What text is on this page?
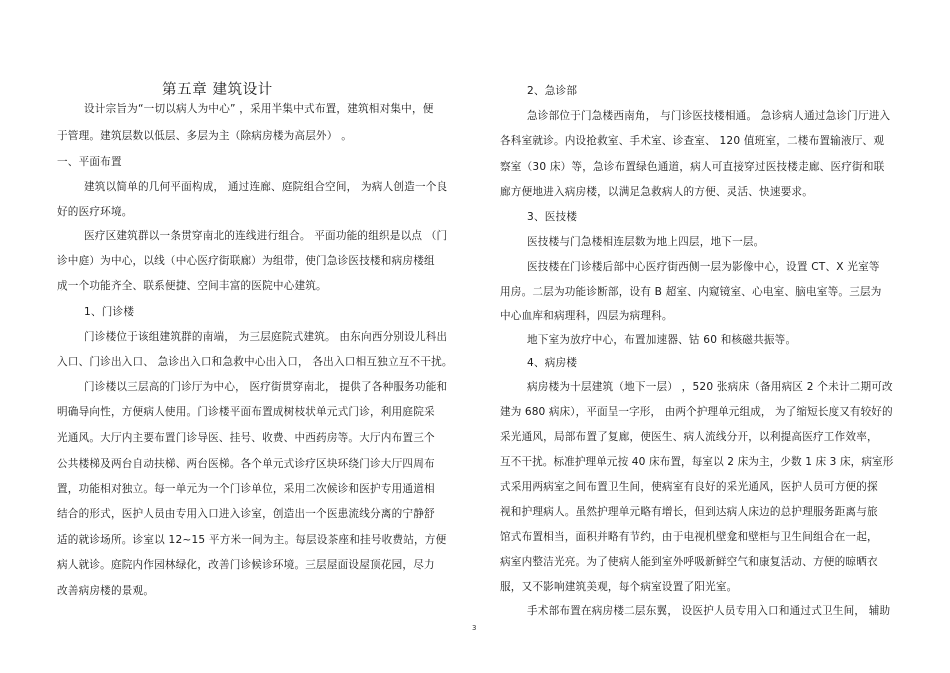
第五章 建筑设计
设计宗旨为“一切以病人为中心” ，采用半集中式布置，建筑相对集中，便
于管理。建筑层数以低层、多层为主（除病房楼为高层外） 。
一、平面布置
建筑以简单的几何平面构成， 通过连廊、庭院组合空间， 为病人创造一个良
好的医疗环境。
医疗区建筑群以一条贯穿南北的连线进行组合。 平面功能的组织是以点 （门
诊中庭）为中心，以线（中心医疗街联廊）为组带，使门急诊医技楼和病房楼组
成一个功能齐全、联系便捷、空间丰富的医院中心建筑。
1、门诊楼
门诊楼位于该组建筑群的南端， 为三层庭院式建筑。 由东向西分别设儿科出
入口、门诊出入口、 急诊出入口和急救中心出入口， 各出入口相互独立互不干扰。
门诊楼以三层高的门诊厅为中心， 医疗街贯穿南北， 提供了各种服务功能和
明确导向性，方便病人使用。门诊楼平面布置成树枝状单元式门诊，利用庭院采
光通风。大厅内主要布置门诊导医、挂号、收费、中西药房等。大厅内布置三个
公共楼梯及两台自动扶梯、两台医梯。各个单元式诊疗区块环绕门诊大厅四周布
置，功能相对独立。每一单元为一个门诊单位，采用二次候诊和医护专用通道相
结合的形式，医护人员由专用入口进入诊室，创造出一个医患流线分离的宁静舒
适的就诊场所。诊室以 12~15 平方米一间为主。每层设茶座和挂号收费站，方便
病人就诊。庭院内作园林绿化，改善门诊候诊环境。三层屋面设屋顶花园，尽力
改善病房楼的景观。
2、急诊部
急诊部位于门急楼西南角， 与门诊医技楼相通。 急诊病人通过急诊门厅进入
各科室就诊。内设抢救室、手术室、诊查室、 120 值班室，二楼布置输液厅、观
察室（30 床）等，急诊布置绿色通道，病人可直接穿过医技楼走廊、医疗街和联
廊方便地进入病房楼，以满足急救病人的方便、灵活、快速要求。
3、医技楼
医技楼与门急楼相连层数为地上四层，地下一层。
医技楼在门诊楼后部中心医疗街西侧一层为影像中心，设置 CT、X 光室等
用房。二层为功能诊断部，设有 B 超室、内窥镜室、心电室、脑电室等。三层为
中心血库和病理科，四层为病理科。
地下室为放疗中心，布置加速器、钴 60 和核磁共振等。
4、病房楼
病房楼为十层建筑（地下一层） ，520 张病床（备用病区 2 个未计二期可改
建为 680 病床），平面呈一字形， 由两个护理单元组成， 为了缩短长度又有较好的
采光通风，局部布置了复廊，使医生、病人流线分开，以利提高医疗工作效率，
互不干扰。标准护理单元按 40 床布置，每室以 2 床为主，少数 1 床 3 床，病室形
式采用两病室之间布置卫生间，使病室有良好的采光通风，医护人员可方便的探
视和护理病人。虽然护理单元略有增长，但到达病人床边的总护理服务距离与旅
馆式布置相当，面积并略有节约，由于电视机壁龛和壁柜与卫生间组合在一起，
病室内整洁光亮。为了使病人能到室外呼吸新鲜空气和康复活动、方便的晾晒衣
服，又不影响建筑美观，每个病室设置了阳光室。
手术部布置在病房楼二层东翼， 设医护人员专用入口和通过式卫生间， 辅助
3
